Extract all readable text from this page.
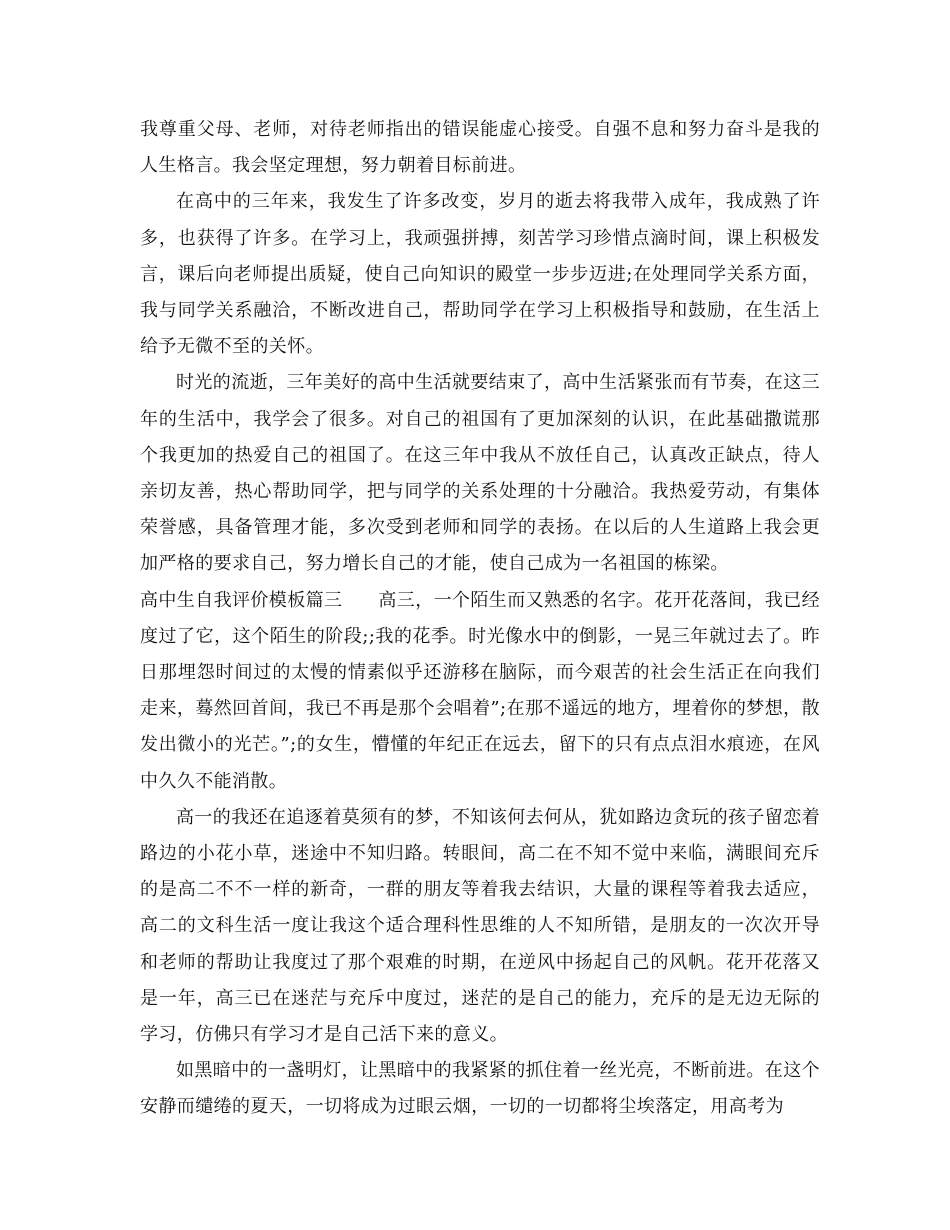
我尊重父母、老师，对待老师指出的错误能虚心接受。自强不息和努力奋斗是我的人生格言。我会坚定理想，努力朝着目标前进。

在高中的三年来，我发生了许多改变，岁月的逝去将我带入成年，我成熟了许多，也获得了许多。在学习上，我顽强拼搏，刻苦学习珍惜点滴时间，课上积极发言，课后向老师提出质疑，使自己向知识的殿堂一步步迈进;在处理同学关系方面，我与同学关系融洽，不断改进自己，帮助同学在学习上积极指导和鼓励，在生活上给予无微不至的关怀。

时光的流逝，三年美好的高中生活就要结束了，高中生活紧张而有节奏，在这三年的生活中，我学会了很多。对自己的祖国有了更加深刻的认识，在此基础撒谎那个我更加的热爱自己的祖国了。在这三年中我从不放任自己，认真改正缺点，待人亲切友善，热心帮助同学，把与同学的关系处理的十分融洽。我热爱劳动，有集体荣誉感，具备管理才能，多次受到老师和同学的表扬。在以后的人生道路上我会更加严格的要求自己，努力增长自己的才能，使自己成为一名祖国的栋梁。

高中生自我评价模板篇三 高三，一个陌生而又熟悉的名字。花开花落间，我已经度过了它，这个陌生的阶段;;我的花季。时光像水中的倒影，一晃三年就过去了。昨日那埋怨时间过的太慢的情素似乎还游移在脑际，而今艰苦的社会生活正在向我们走来，蓦然回首间，我已不再是那个会唱着”;在那不遥远的地方，埋着你的梦想，散发出微小的光芒。”;的女生，懵懂的年纪正在远去，留下的只有点点泪水痕迹，在风中久久不能消散。

高一的我还在追逐着莫须有的梦，不知该何去何从，犹如路边贪玩的孩子留恋着路边的小花小草，迷途中不知归路。转眼间，高二在不知不觉中来临，满眼间充斥的是高二不不一样的新奇，一群的朋友等着我去结识，大量的课程等着我去适应，高二的文科生活一度让我这个适合理科性思维的人不知所错，是朋友的一次次开导和老师的帮助让我度过了那个艰难的时期，在逆风中扬起自己的风帆。花开花落又是一年，高三已在迷茫与充斥中度过，迷茫的是自己的能力，充斥的是无边无际的学习，仿佛只有学习才是自己活下来的意义。

如黑暗中的一盏明灯，让黑暗中的我紧紧的抓住着一丝光亮，不断前进。在这个安静而缱绻的夏天，一切将成为过眼云烟，一切的一切都将尘埃落定，用高考为
